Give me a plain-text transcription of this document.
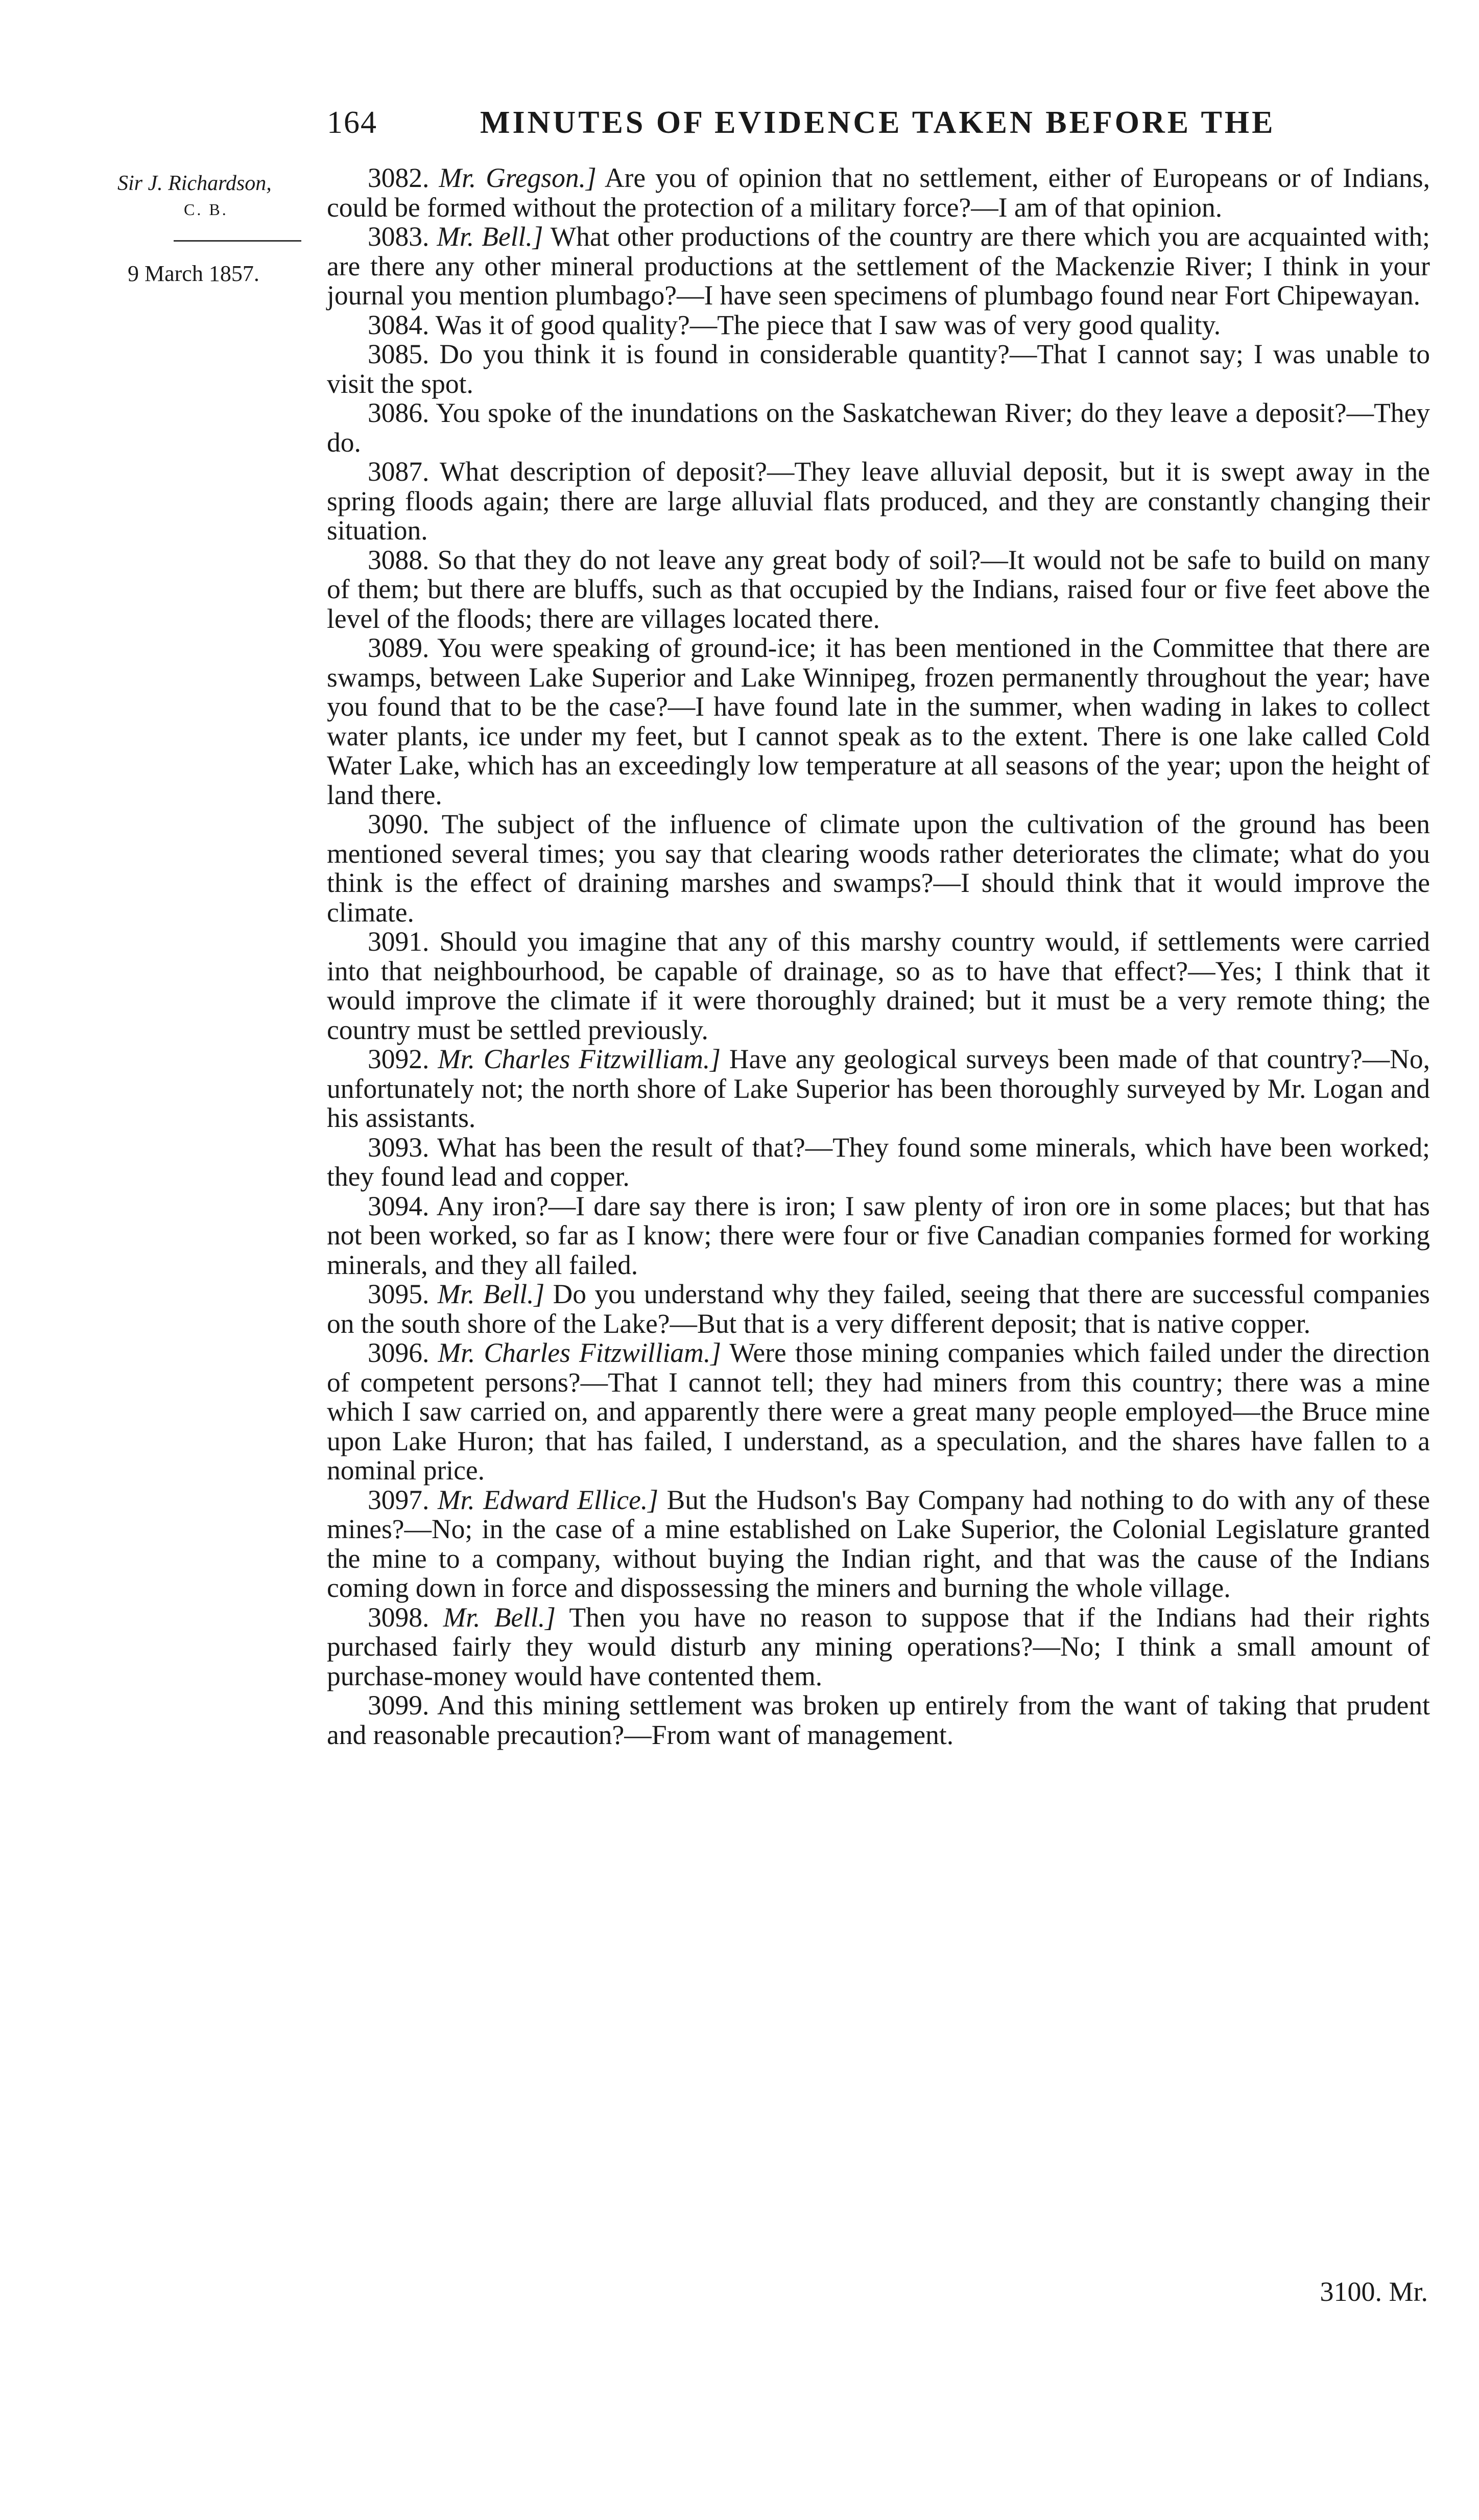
164	MINUTES OF EVIDENCE TAKEN BEFORE THE
Sir J. Richardson,
C. B.
9 March 1857.

3082. Mr. Gregson.] Are you of opinion that no settlement, either of Europeans or of Indians, could be formed without the protection of a military force?—I am of that opinion.

3083. Mr. Bell.] What other productions of the country are there which you are acquainted with; are there any other mineral productions at the settlement of the Mackenzie River; I think in your journal you mention plumbago?—I have seen specimens of plumbago found near Fort Chipewayan.

3084. Was it of good quality?—The piece that I saw was of very good quality.

3085. Do you think it is found in considerable quantity?—That I cannot say; I was unable to visit the spot.

3086. You spoke of the inundations on the Saskatchewan River; do they leave a deposit?—They do.

3087. What description of deposit?—They leave alluvial deposit, but it is swept away in the spring floods again; there are large alluvial flats produced, and they are constantly changing their situation.

3088. So that they do not leave any great body of soil?—It would not be safe to build on many of them; but there are bluffs, such as that occupied by the Indians, raised four or five feet above the level of the floods; there are villages located there.

3089. You were speaking of ground-ice; it has been mentioned in the Committee that there are swamps, between Lake Superior and Lake Winnipeg, frozen permanently throughout the year; have you found that to be the case?—I have found late in the summer, when wading in lakes to collect water plants, ice under my feet, but I cannot speak as to the extent. There is one lake called Cold Water Lake, which has an exceedingly low temperature at all seasons of the year; upon the height of land there.

3090. The subject of the influence of climate upon the cultivation of the ground has been mentioned several times; you say that clearing woods rather deteriorates the climate; what do you think is the effect of draining marshes and swamps?—I should think that it would improve the climate.

3091. Should you imagine that any of this marshy country would, if settlements were carried into that neighbourhood, be capable of drainage, so as to have that effect?—Yes; I think that it would improve the climate if it were thoroughly drained; but it must be a very remote thing; the country must be settled previously.

3092. Mr. Charles Fitzwilliam.] Have any geological surveys been made of that country?—No, unfortunately not; the north shore of Lake Superior has been thoroughly surveyed by Mr. Logan and his assistants.

3093. What has been the result of that?—They found some minerals, which have been worked; they found lead and copper.

3094. Any iron?—I dare say there is iron; I saw plenty of iron ore in some places; but that has not been worked, so far as I know; there were four or five Canadian companies formed for working minerals, and they all failed.

3095. Mr. Bell.] Do you understand why they failed, seeing that there are successful companies on the south shore of the Lake?—But that is a very different deposit; that is native copper.

3096. Mr. Charles Fitzwilliam.] Were those mining companies which failed under the direction of competent persons?—That I cannot tell; they had miners from this country; there was a mine which I saw carried on, and apparently there were a great many people employed—the Bruce mine upon Lake Huron; that has failed, I understand, as a speculation, and the shares have fallen to a nominal price.

3097. Mr. Edward Ellice.] But the Hudson's Bay Company had nothing to do with any of these mines?—No; in the case of a mine established on Lake Superior, the Colonial Legislature granted the mine to a company, without buying the Indian right, and that was the cause of the Indians coming down in force and dispossessing the miners and burning the whole village.

3098. Mr. Bell.] Then you have no reason to suppose that if the Indians had their rights purchased fairly they would disturb any mining operations?—No; I think a small amount of purchase-money would have contented them.

3099. And this mining settlement was broken up entirely from the want of taking that prudent and reasonable precaution?—From want of management.

3100. Mr.
